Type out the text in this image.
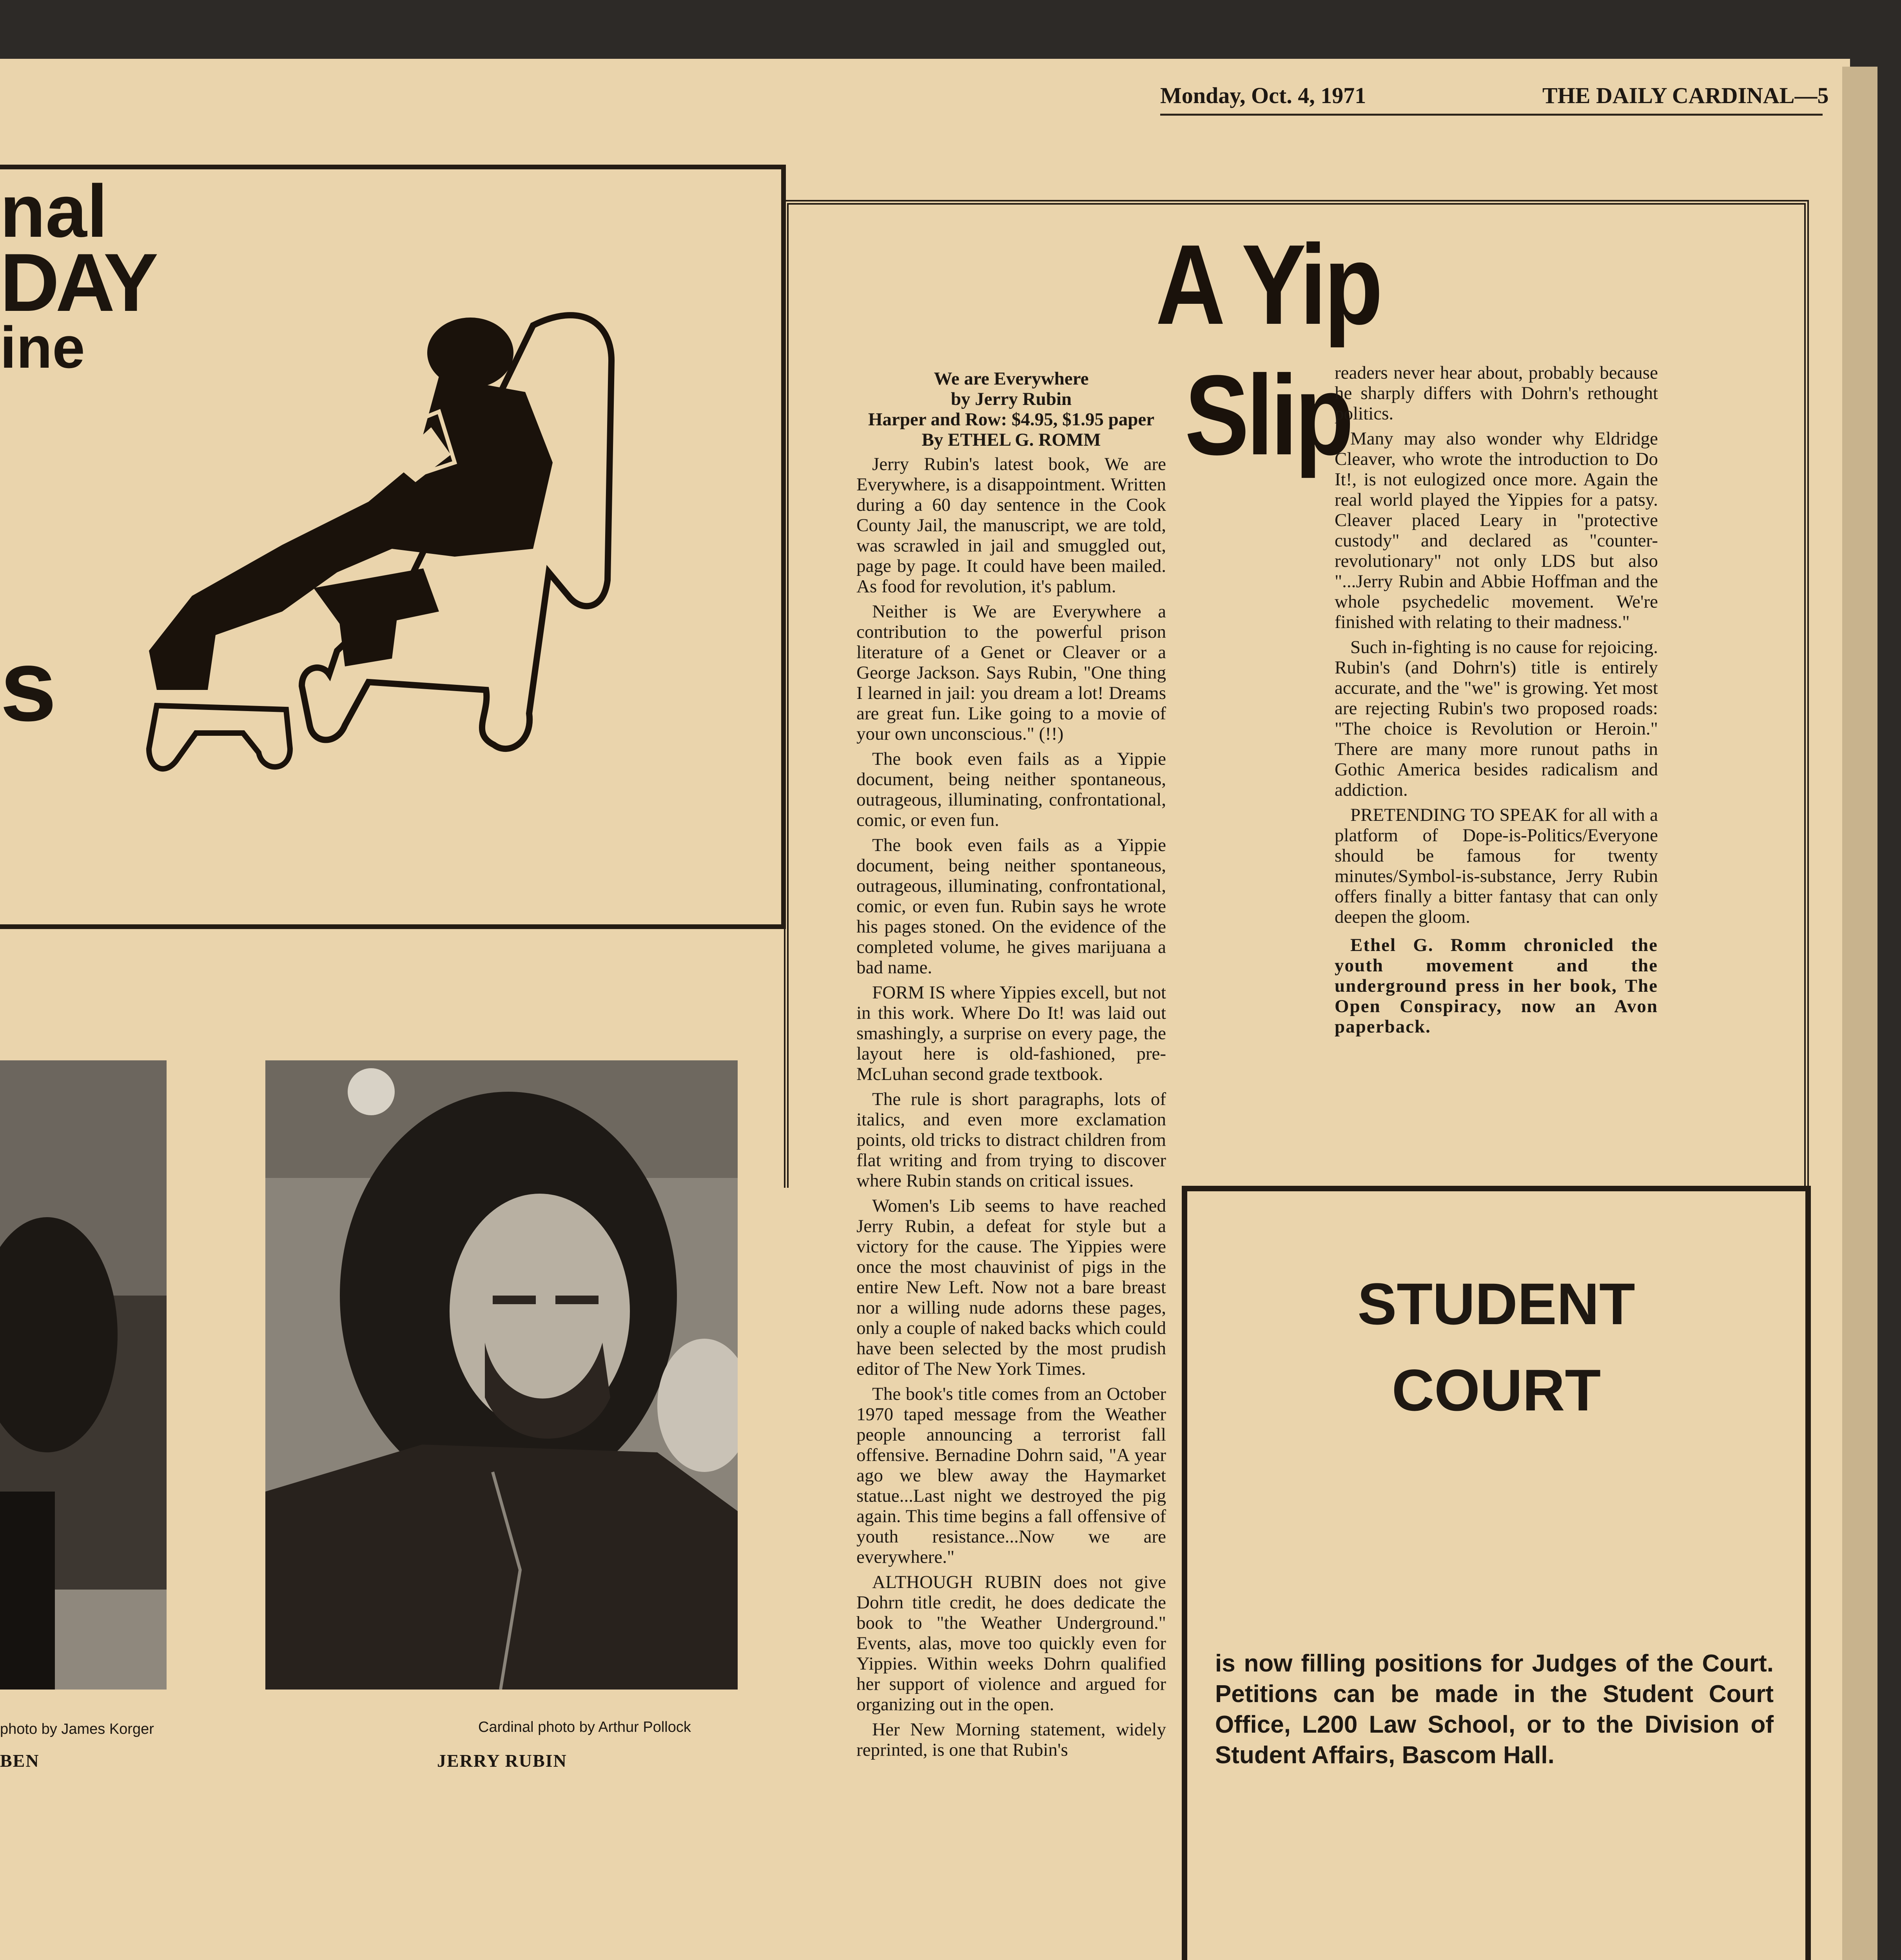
Monday, Oct. 4, 1971	THE DAILY CARDINAL—5
nal
DAY
ine
s
photo by James Korger
BEN
Cardinal photo by Arthur Pollock
JERRY RUBIN
A Yip Slip
We are Everywhere
by Jerry Rubin
Harper and Row: $4.95, $1.95 paper
By ETHEL G. ROMM

Jerry Rubin's latest book, We are Everywhere, is a disappointment. Written during a 60 day sentence in the Cook County Jail, the manuscript, we are told, was scrawled in jail and smuggled out, page by page. It could have been mailed. As food for revolution, it's pablum.

Neither is We are Everywhere a contribution to the powerful prison literature of a Genet or Cleaver or a George Jackson. Says Rubin, "One thing I learned in jail: you dream a lot! Dreams are great fun. Like going to a movie of your own unconscious." (!!)

The book even fails as a Yippie document, being neither spontaneous, outrageous, illuminating, confrontational, comic, or even fun.

The book even fails as a Yippie document, being neither spontaneous, outrageous, illuminating, confrontational, comic, or even fun. Rubin says he wrote his pages stoned. On the evidence of the completed volume, he gives marijuana a bad name.

FORM IS where Yippies excell, but not in this work. Where Do It! was laid out smashingly, a surprise on every page, the layout here is old-fashioned, pre-McLuhan second grade textbook.

The rule is short paragraphs, lots of italics, and even more exclamation points, old tricks to distract children from flat writing and from trying to discover where Rubin stands on critical issues.

Women's Lib seems to have reached Jerry Rubin, a defeat for style but a victory for the cause. The Yippies were once the most chauvinist of pigs in the entire New Left. Now not a bare breast nor a willing nude adorns these pages, only a couple of naked backs which could have been selected by the most prudish editor of The New York Times.

The book's title comes from an October 1970 taped message from the Weather people announcing a terrorist fall offensive. Bernadine Dohrn said, "A year ago we blew away the Haymarket statue...Last night we destroyed the pig again. This time begins a fall offensive of youth resistance...Now we are everywhere."

ALTHOUGH RUBIN does not give Dohrn title credit, he does dedicate the book to "the Weather Underground." Events, alas, move too quickly even for Yippies. Within weeks Dohrn qualified her support of violence and argued for organizing out in the open.

Her New Morning statement, widely reprinted, is one that Rubin's

readers never hear about, probably because he sharply differs with Dohrn's rethought politics.

Many may also wonder why Eldridge Cleaver, who wrote the introduction to Do It!, is not eulogized once more. Again the real world played the Yippies for a patsy. Cleaver placed Leary in "protective custody" and declared as "counter-revolutionary" not only LDS but also "...Jerry Rubin and Abbie Hoffman and the whole psychedelic movement. We're finished with relating to their madness."

Such in-fighting is no cause for rejoicing. Rubin's (and Dohrn's) title is entirely accurate, and the "we" is growing. Yet most are rejecting Rubin's two proposed roads: "The choice is Revolution or Heroin." There are many more runout paths in Gothic America besides radicalism and addiction.

PRETENDING TO SPEAK for all with a platform of Dope-is-Politics/Everyone should be famous for twenty minutes/Symbol-is-substance, Jerry Rubin offers finally a bitter fantasy that can only deepen the gloom.

Ethel G. Romm chronicled the youth movement and the underground press in her book, The Open Conspiracy, now an Avon paperback.

STUDENT
COURT
is now filling positions for Judges of the Court. Petitions can be made in the Student Court Office, L200 Law School, or to the Division of Student Affairs, Bascom Hall.
